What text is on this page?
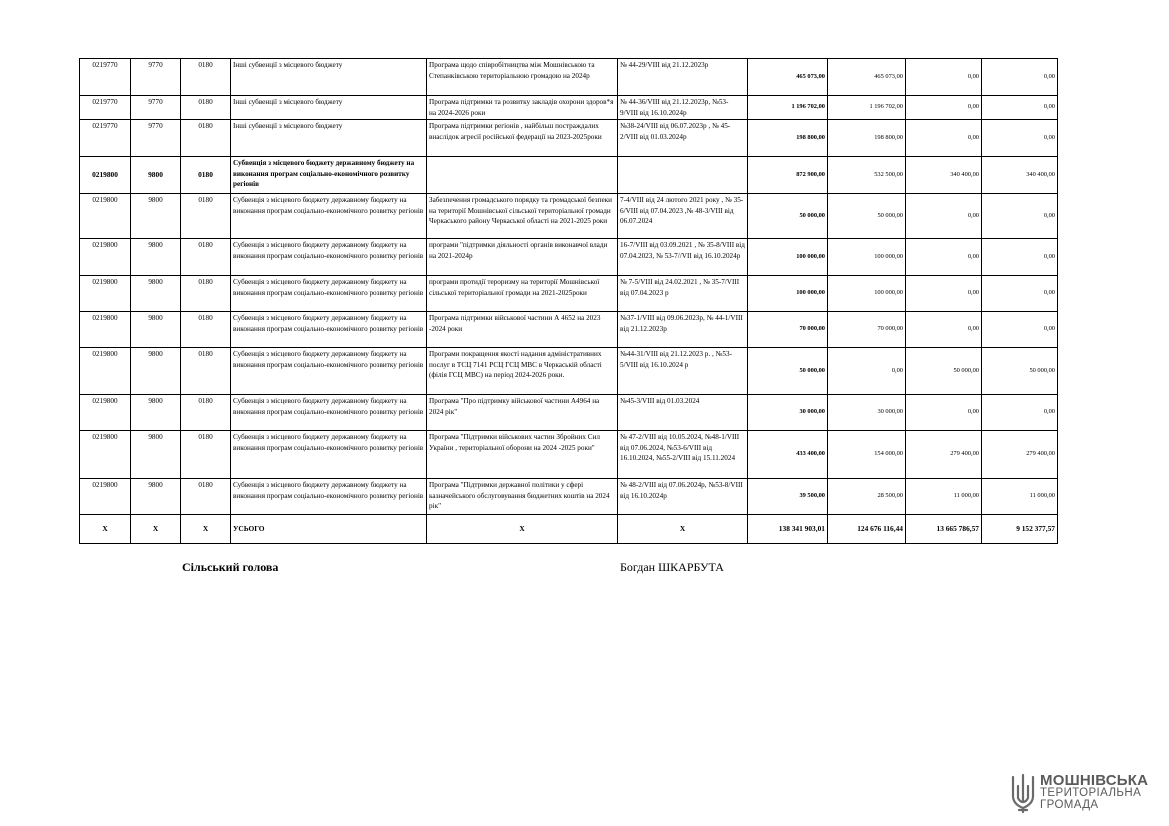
0219770	9770	0180	Інші субвенції з місцевого бюджету	Програма щодо співробітництва між Мошнівською та Степанківською територіальною громадою на 2024р	№ 44-29/VIII від 21.12.2023р	465 073,00	465 073,00	0,00	0,00
0219770	9770	0180	Інші субвенції з місцевого бюджету	Програма підтримки та розвитку закладів охорони здоров*я на 2024-2026 роки	№ 44-36/VIII від 21.12.2023р, №53-9/VIII від 16.10.2024р	1 196 702,00	1 196 702,00	0,00	0,00
0219770	9770	0180	Інші субвенції з місцевого бюджету	Програма підтримки регіонів , найбільш постраждалих внаслідок агресії російської федерації на 2023-2025роки	№38-24/VIII від 06.07.2023р , № 45-2/VIII від 01.03.2024р	198 800,00	198 800,00	0,00	0,00
0219800	9800	0180	Субвенція з місцевого бюджету державному бюджету на виконання програм соціально-економічного розвитку регіонів			872 900,00	532 500,00	340 400,00	340 400,00
0219800	9800	0180	Субвенція з місцевого бюджету державному бюджету на виконання програм соціально-економічного розвитку регіонів	Забезпечення громадського порядку та громадської безпеки на території Мошнівської сільської територіальної громади Черкаського району Черкаської області на 2021-2025 роки	7-4/VIII від 24 лютого 2021 року , № 35-6/VIII від 07.04.2023 ,№ 48-3/VIII від 06.07.2024	50 000,00	50 000,00	0,00	0,00
0219800	9800	0180	Субвенція з місцевого бюджету державному бюджету на виконання програм соціально-економічного розвитку регіонів	програми "підтримки діяльності органів виконавчої влади на 2021-2024р	16-7/VIII від 03.09.2021 , № 35-8/VIII від 07.04.2023, № 53-7//VII від 16.10.2024р	100 000,00	100 000,00	0,00	0,00
0219800	9800	0180	Субвенція з місцевого бюджету державному бюджету на виконання програм соціально-економічного розвитку регіонів	програми протидії тероризму на території Мошнівської сільської територіальної громади на 2021-2025роки	№ 7-5/VIII від 24.02.2021 , № 35-7/VIII від 07.04.2023 р	100 000,00	100 000,00	0,00	0,00
0219800	9800	0180	Субвенція з місцевого бюджету державному бюджету на виконання програм соціально-економічного розвитку регіонів	Програма підтримки військової частини А 4652 на 2023 -2024 роки	№37-1/VIII від 09.06.2023р, № 44-1/VIII від 21.12.2023р	70 000,00	70 000,00	0,00	0,00
0219800	9800	0180	Субвенція з місцевого бюджету державному бюджету на виконання програм соціально-економічного розвитку регіонів	Програми покращення якості надання адміністративних послуг в ТСЦ 7141 РСЦ ГСЦ МВС в Черкаській області (філія ГСЦ МВС) на період 2024-2026 роки.	№44-31/VIII від 21.12.2023 р. , №53-5/VIII від 16.10.2024 р	50 000,00	0,00	50 000,00	50 000,00
0219800	9800	0180	Субвенція з місцевого бюджету державному бюджету на виконання програм соціально-економічного розвитку регіонів	Програма "Про підтримку військової частини А4964 на 2024 рік"	№45-3/VIII від 01.03.2024	30 000,00	30 000,00	0,00	0,00
0219800	9800	0180	Субвенція з місцевого бюджету державному бюджету на виконання програм соціально-економічного розвитку регіонів	Програма "Підтримки військових частин Збройних Сил України , територіальної оборони на 2024 -2025 роки"	№ 47-2/VIII від 10.05.2024, №48-1/VIII від 07.06.2024, №53-6/VIII від 16.10.2024, №55-2/VIII від 15.11.2024	433 400,00	154 000,00	279 400,00	279 400,00
0219800	9800	0180	Субвенція з місцевого бюджету державному бюджету на виконання програм соціально-економічного розвитку регіонів	Програма "Підтримки державної політики у сфері казначейського обслуговування бюджетних коштів на 2024 рік"	№ 48-2/VIII від 07.06.2024р, №53-8/VIII від 16.10.2024р	39 500,00	28 500,00	11 000,00	11 000,00
X	X	X	УСЬОГО	X	X	138 341 903,01	124 676 116,44	13 665 786,57	9 152 377,57
Сільський голова	Богдан ШКАРБУТА
МОШНІВСЬКА
ТЕРИТОРІАЛЬНА
ГРОМАДА
